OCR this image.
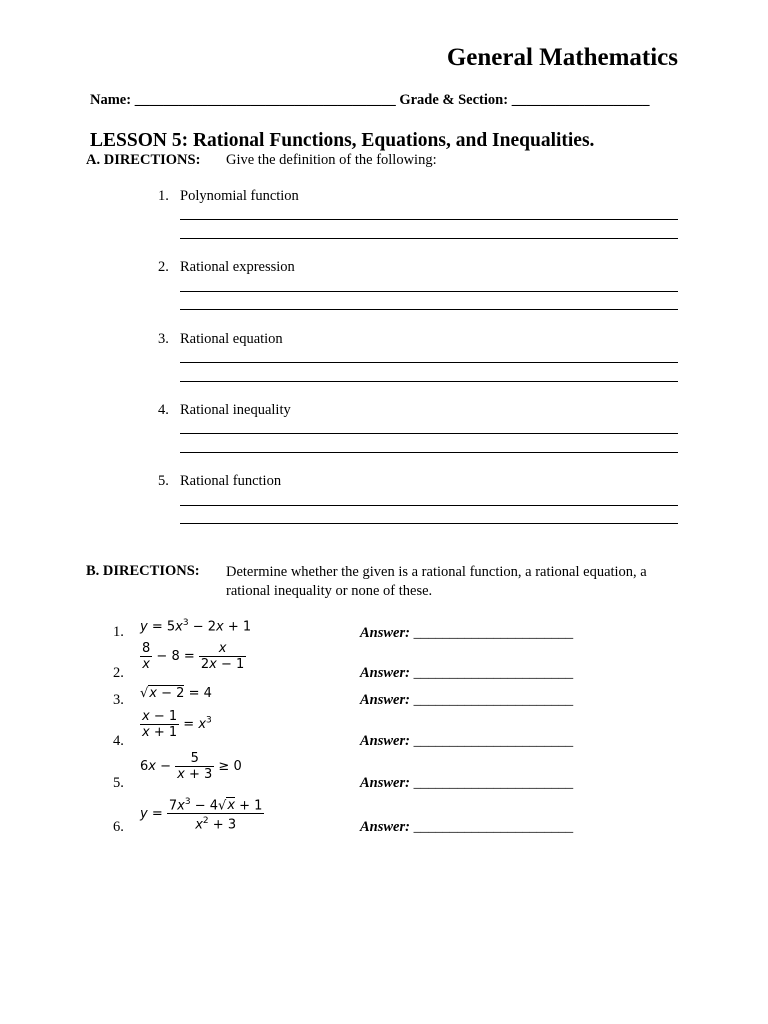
General Mathematics
Name: ____________________________________ Grade & Section: ___________________
LESSON 5: Rational Functions, Equations, and Inequalities.
A. DIRECTIONS: Give the definition of the following:
1. Polynomial function
2. Rational expression
3. Rational equation
4. Rational inequality
5. Rational function
B. DIRECTIONS: Determine whether the given is a rational function, a rational equation, a rational inequality or none of these.
1. $y = 5x^3 - 2x + 1$	Answer: ______________________
2.
$\frac{8}{x} - 8 = \frac{x}{2x - 1}$
Answer: ______________________
3. √x − 2 = 4	Answer: ______________________
4.
$\frac{x - 1}{x + 1} = x^3$
Answer: ______________________
5.
$6x - \frac{5}{x + 3} \ge 0$
Answer: ______________________
6.
$y = \frac{7x^3 - 4√x + 1}{x^2 + 3}$	Answer: ______________________
